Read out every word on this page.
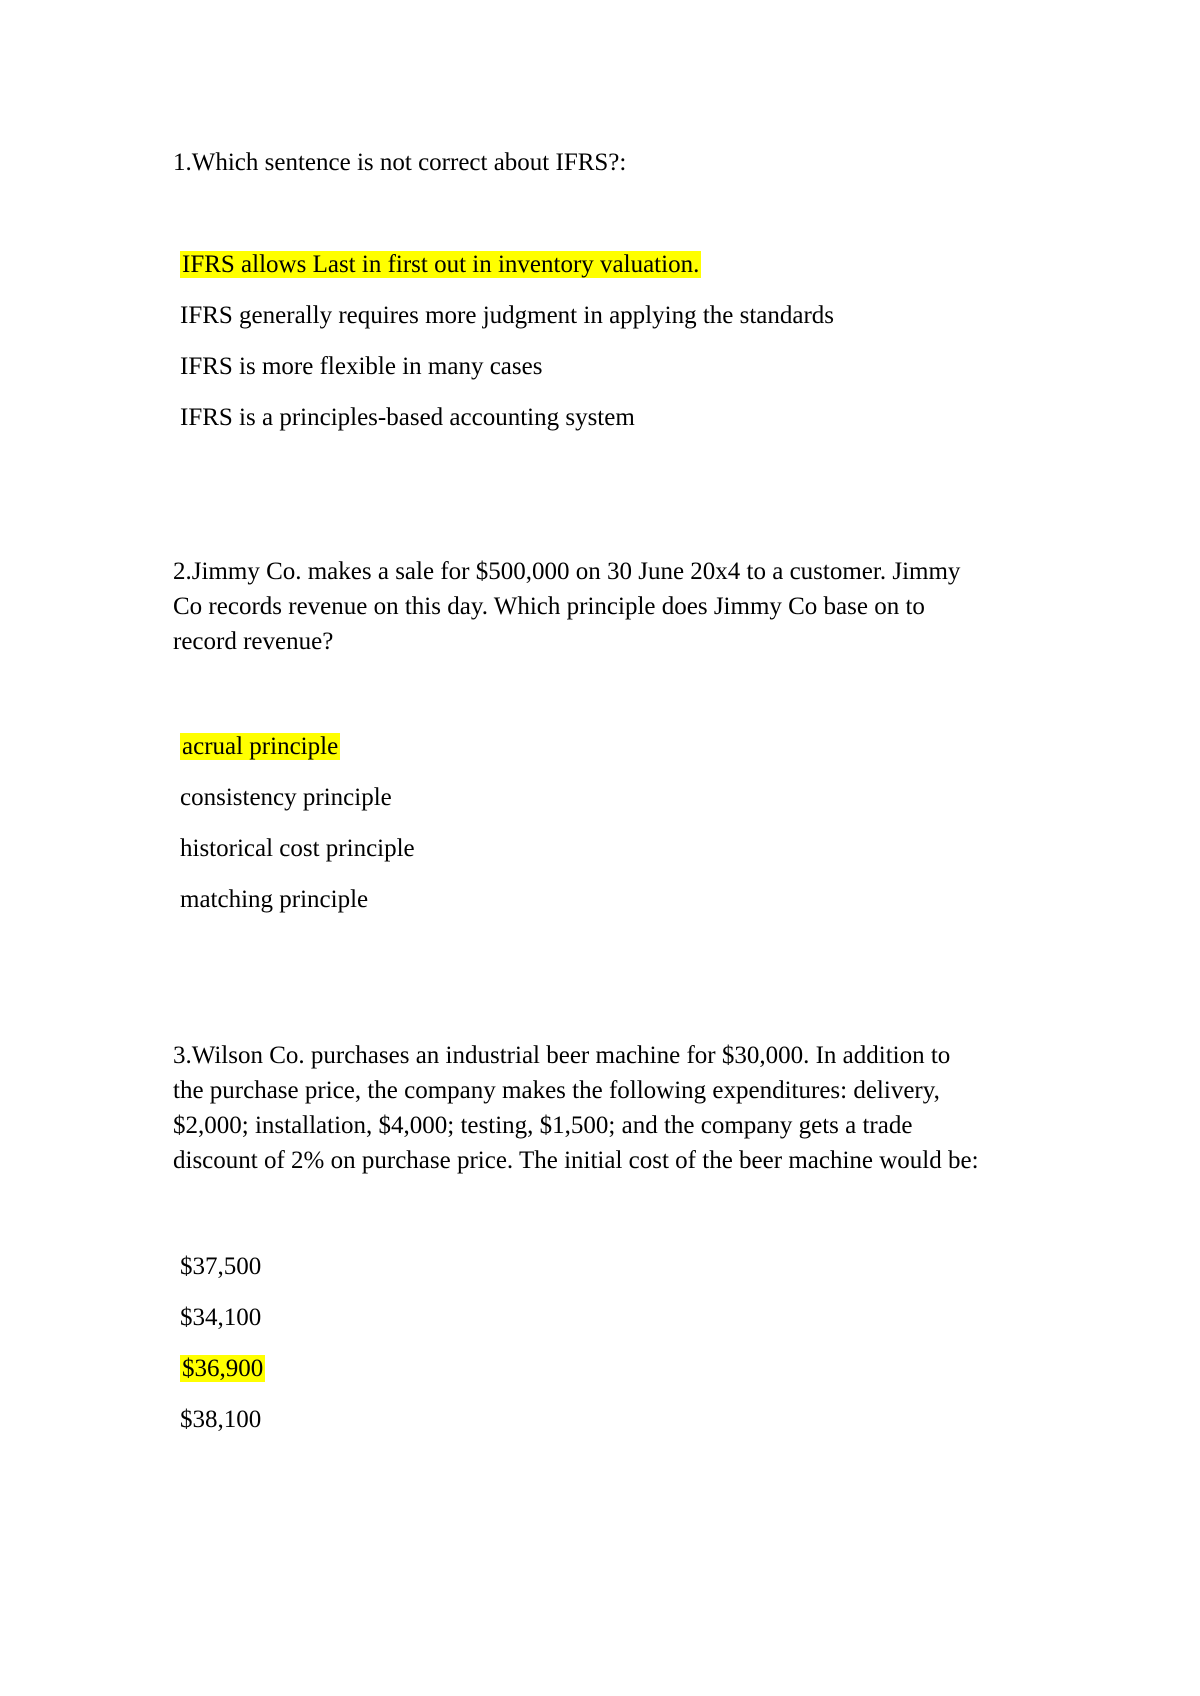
1.Which sentence is not correct about IFRS?:

IFRS allows Last in first out in inventory valuation.

IFRS generally requires more judgment in applying the standards

IFRS is more flexible in many cases

IFRS is a principles-based accounting system

2.Jimmy Co. makes a sale for $500,000 on 30 June 20x4 to a customer. Jimmy

Co records revenue on this day. Which principle does Jimmy Co base on to

record revenue?

acrual principle

consistency principle

historical cost principle

matching principle

3.Wilson Co. purchases an industrial beer machine for $30,000. In addition to

the purchase price, the company makes the following expenditures: delivery,

$2,000; installation, $4,000; testing, $1,500; and the company gets a trade

discount of 2% on purchase price. The initial cost of the beer machine would be:

$37,500

$34,100

$36,900

$38,100
